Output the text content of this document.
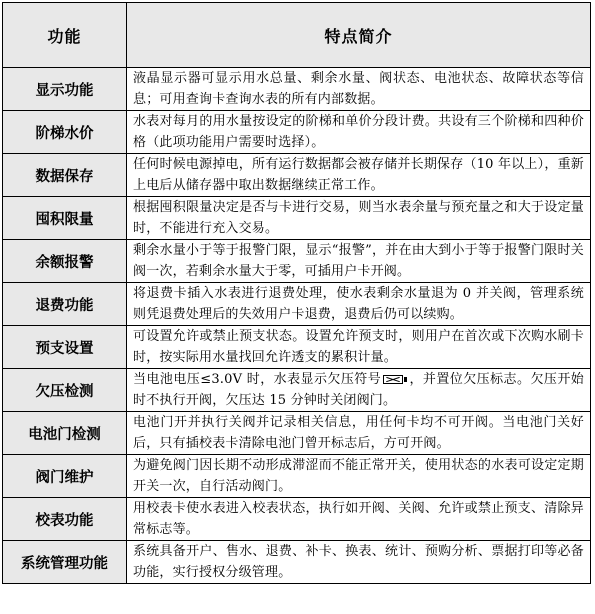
功能	特点简介
显示功能	液晶显示器可显示用水总量、剩余水量、阀状态、电池状态、故障状态等信息；可用查询卡查询水表的所有内部数据。
阶梯水价	水表对每月的用水量按设定的阶梯和单价分段计费。共设有三个阶梯和四种价格（此项功能用户需要时选择）。
数据保存	任何时候电源掉电，所有运行数据都会被存储并长期保存（10 年以上），重新上电后从储存器中取出数据继续正常工作。
囤积限量	根据囤积限量决定是否与卡进行交易，则当水表余量与预充量之和大于设定量时，不能进行充入交易。
余额报警	剩余水量小于等于报警门限，显示“报警”，并在由大到小于等于报警门限时关阀一次，若剩余水量大于零，可插用户卡开阀。
退费功能	将退费卡插入水表进行退费处理，使水表剩余水量退为 0 并关阀，管理系统则凭退费处理后的失效用户卡退费，退费后仍可以续购。
预支设置	可设置允许或禁止预支状态。设置允许预支时，则用户在首次或下次购水刷卡时，按实际用水量找回允许透支的累积计量。
欠压检测	当电池电压≤3.0V 时，水表显示欠压符号 ，并置位欠压标志。欠压开始时不执行开阀，欠压达 15 分钟时关闭阀门。
电池门检测	电池门开并执行关阀并记录相关信息，用任何卡均不可开阀。当电池门关好后，只有插校表卡清除电池门曾开标志后，方可开阀。
阀门维护	为避免阀门因长期不动形成滞涩而不能正常开关，使用状态的水表可设定定期开关一次，自行活动阀门。
校表功能	用校表卡使水表进入校表状态，执行如开阀、关阀、允许或禁止预支、清除异常标志等。
系统管理功能	系统具备开户、售水、退费、补卡、换表、统计、预购分析、票据打印等必备功能，实行授权分级管理。
